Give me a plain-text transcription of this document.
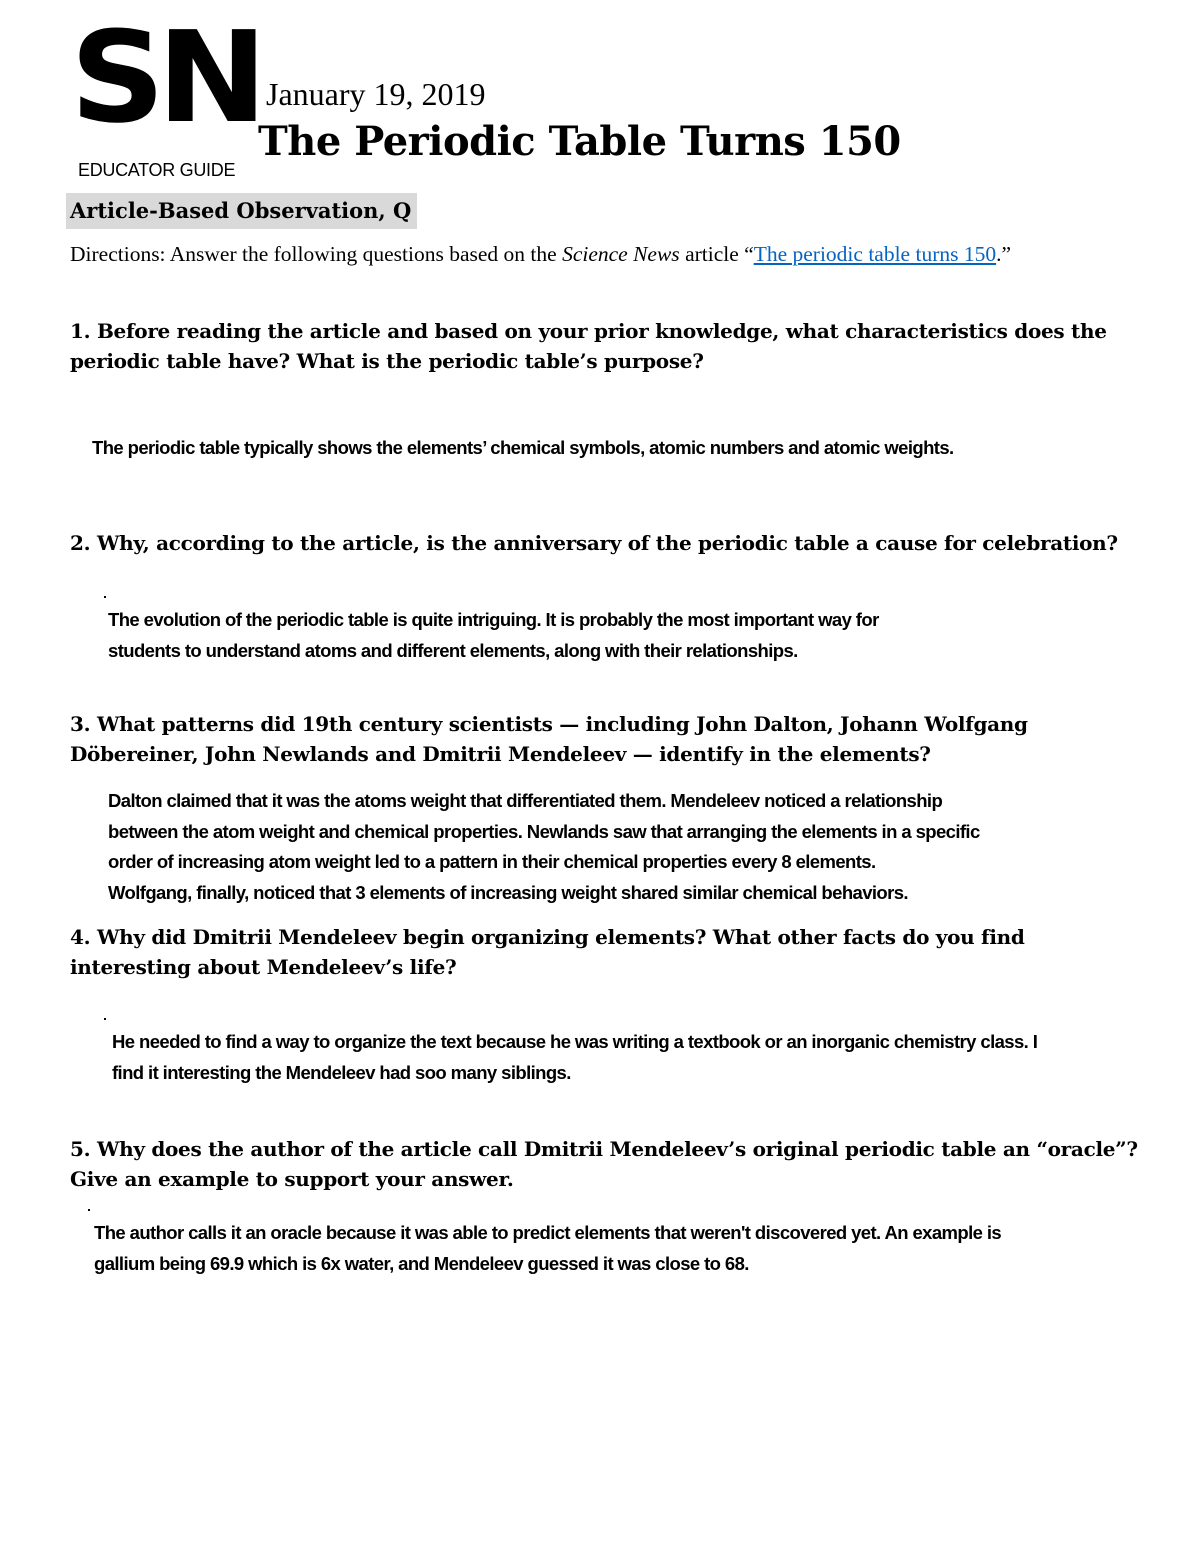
SN
EDUCATOR GUIDE
January 19, 2019
The Periodic Table Turns 150
Article-Based Observation, Q
Directions: Answer the following questions based on the Science News article “The periodic table turns 150.”
1. Before reading the article and based on your prior knowledge, what characteristics does the periodic table have? What is the periodic table’s purpose?
The periodic table typically shows the elements’ chemical symbols, atomic numbers and atomic weights.
2. Why, according to the article, is the anniversary of the periodic table a cause for celebration?
The evolution of the periodic table is quite intriguing. It is probably the most important way for
students to understand atoms and different elements, along with their relationships.
3. What patterns did 19th century scientists — including John Dalton, Johann Wolfgang Döbereiner, John Newlands and Dmitrii Mendeleev — identify in the elements?
Dalton claimed that it was the atoms weight that differentiated them. Mendeleev noticed a relationship
between the atom weight and chemical properties. Newlands saw that arranging the elements in a specific
order of increasing atom weight led to a pattern in their chemical properties every 8 elements.
Wolfgang, finally, noticed that 3 elements of increasing weight shared similar chemical behaviors.
4. Why did Dmitrii Mendeleev begin organizing elements? What other facts do you find interesting about Mendeleev’s life?
He needed to find a way to organize the text because he was writing a textbook or an inorganic chemistry class. I
find it interesting the Mendeleev had soo many siblings.
5. Why does the author of the article call Dmitrii Mendeleev’s original periodic table an “oracle”? Give an example to support your answer.
The author calls it an oracle because it was able to predict elements that weren't discovered yet. An example is
gallium being 69.9 which is 6x water, and Mendeleev guessed it was close to 68.
